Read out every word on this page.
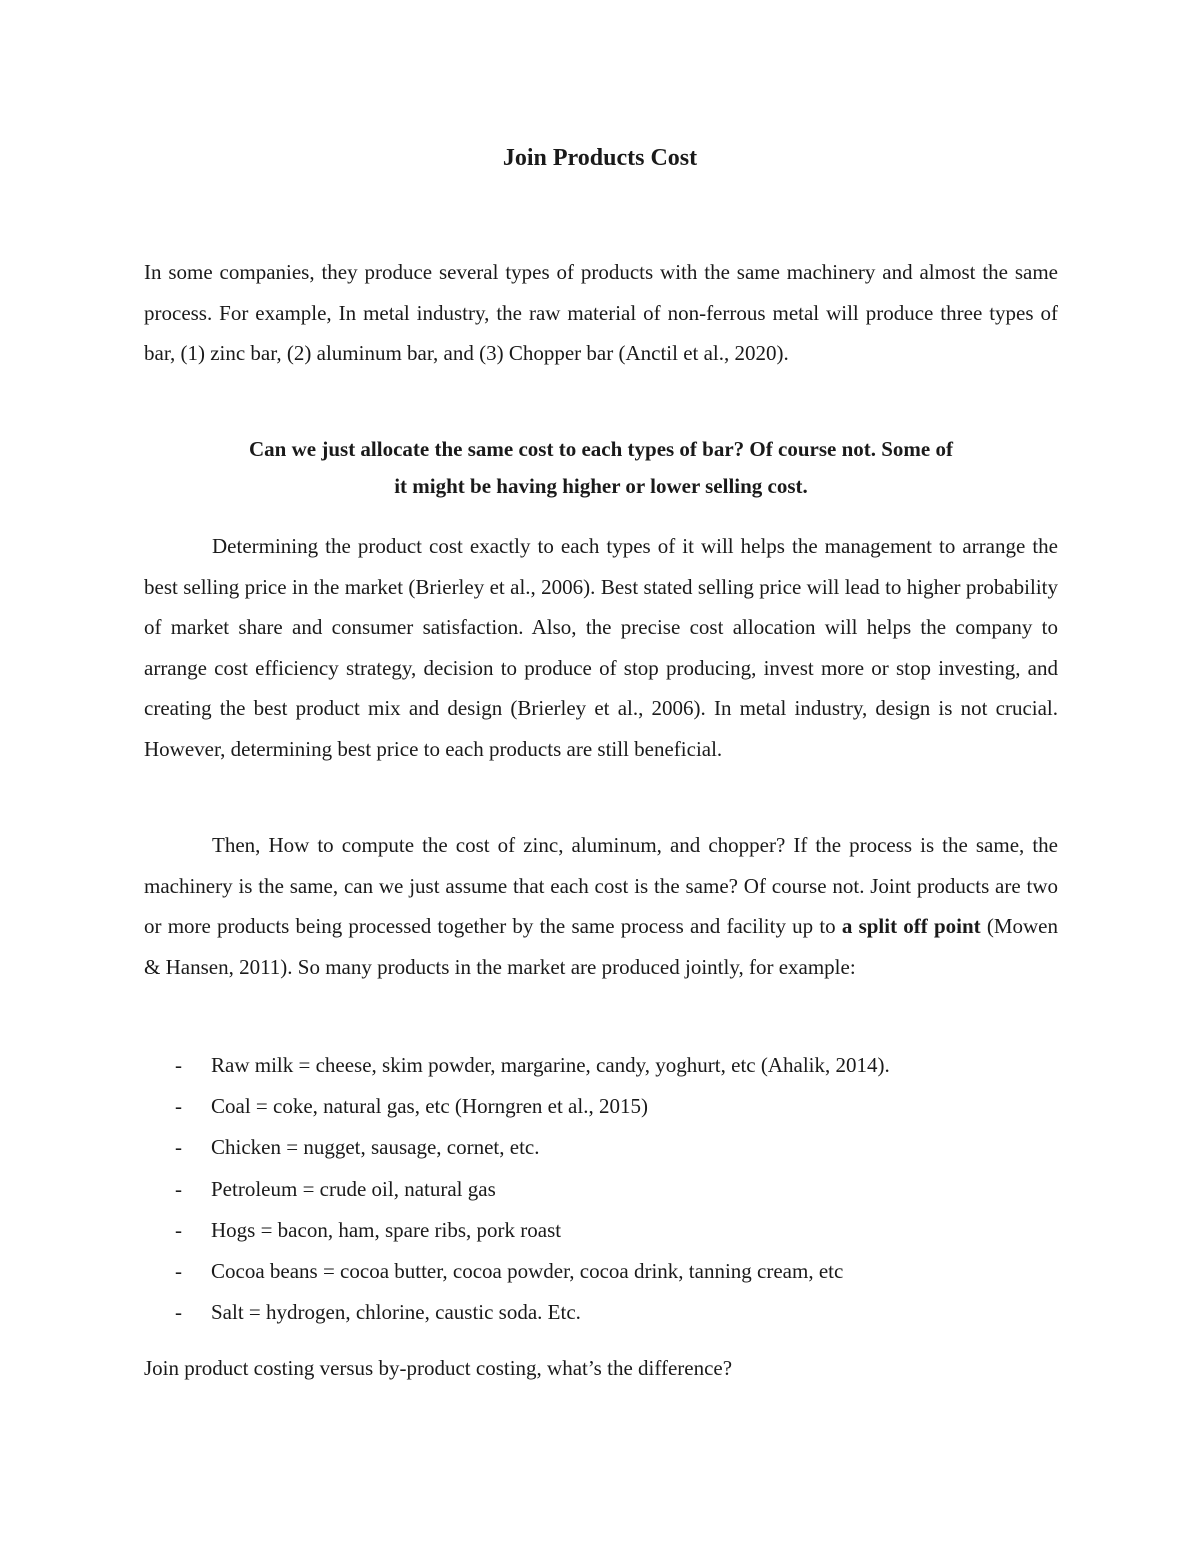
Join Products Cost

In some companies, they produce several types of products with the same machinery and almost the same process. For example, In metal industry, the raw material of non-ferrous metal will produce three types of bar, (1) zinc bar, (2) aluminum bar, and (3) Chopper bar (Anctil et al., 2020).

Can we just allocate the same cost to each types of bar? Of course not. Some of
it might be having higher or lower selling cost.

Determining the product cost exactly to each types of it will helps the management to arrange the best selling price in the market (Brierley et al., 2006). Best stated selling price will lead to higher probability of market share and consumer satisfaction. Also, the precise cost allocation will helps the company to arrange cost efficiency strategy, decision to produce of stop producing, invest more or stop investing, and creating the best product mix and design (Brierley et al., 2006). In metal industry, design is not crucial. However, determining best price to each products are still beneficial.

Then, How to compute the cost of zinc, aluminum, and chopper? If the process is the same, the machinery is the same, can we just assume that each cost is the same? Of course not. Joint products are two or more products being processed together by the same process and facility up to a split off point (Mowen & Hansen, 2011). So many products in the market are produced jointly, for example:

- Raw milk = cheese, skim powder, margarine, candy, yoghurt, etc (Ahalik, 2014).
- Coal = coke, natural gas, etc (Horngren et al., 2015)
- Chicken = nugget, sausage, cornet, etc.
- Petroleum = crude oil, natural gas
- Hogs = bacon, ham, spare ribs, pork roast
- Cocoa beans = cocoa butter, cocoa powder, cocoa drink, tanning cream, etc
- Salt = hydrogen, chlorine, caustic soda. Etc.

Join product costing versus by-product costing, what’s the difference?
